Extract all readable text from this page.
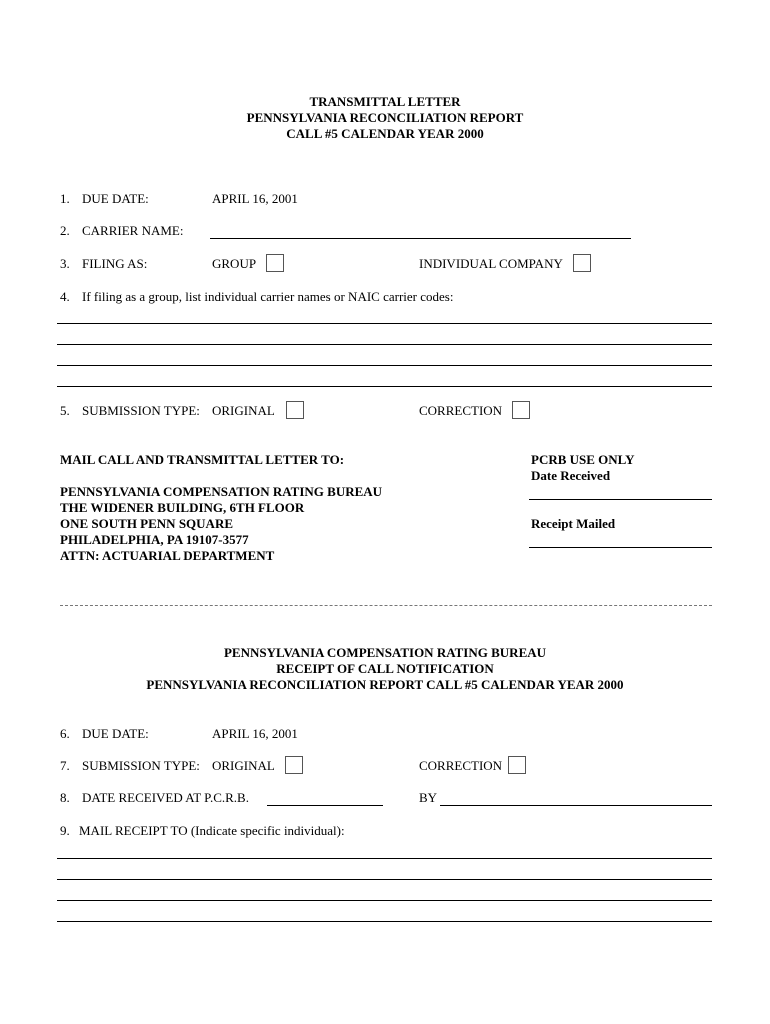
TRANSMITTAL LETTER
PENNSYLVANIA RECONCILIATION REPORT
CALL #5 CALENDAR YEAR 2000
1. DUE DATE:	APRIL 16, 2001
2. CARRIER NAME:
3. FILING AS:	GROUP	INDIVIDUAL COMPANY
4. If filing as a group, list individual carrier names or NAIC carrier codes:
5. SUBMISSION TYPE: ORIGINAL	CORRECTION
MAIL CALL AND TRANSMITTAL LETTER TO:
PENNSYLVANIA COMPENSATION RATING BUREAU
THE WIDENER BUILDING, 6TH FLOOR
ONE SOUTH PENN SQUARE
PHILADELPHIA, PA 19107-3577
ATTN: ACTUARIAL DEPARTMENT
PCRB USE ONLY
Date Received
Receipt Mailed
PENNSYLVANIA COMPENSATION RATING BUREAU
RECEIPT OF CALL NOTIFICATION
PENNSYLVANIA RECONCILIATION REPORT CALL #5 CALENDAR YEAR 2000
6. DUE DATE:	APRIL 16, 2001
7. SUBMISSION TYPE: ORIGINAL	CORRECTION
8. DATE RECEIVED AT P.C.R.B.	BY
9. MAIL RECEIPT TO (Indicate specific individual):
